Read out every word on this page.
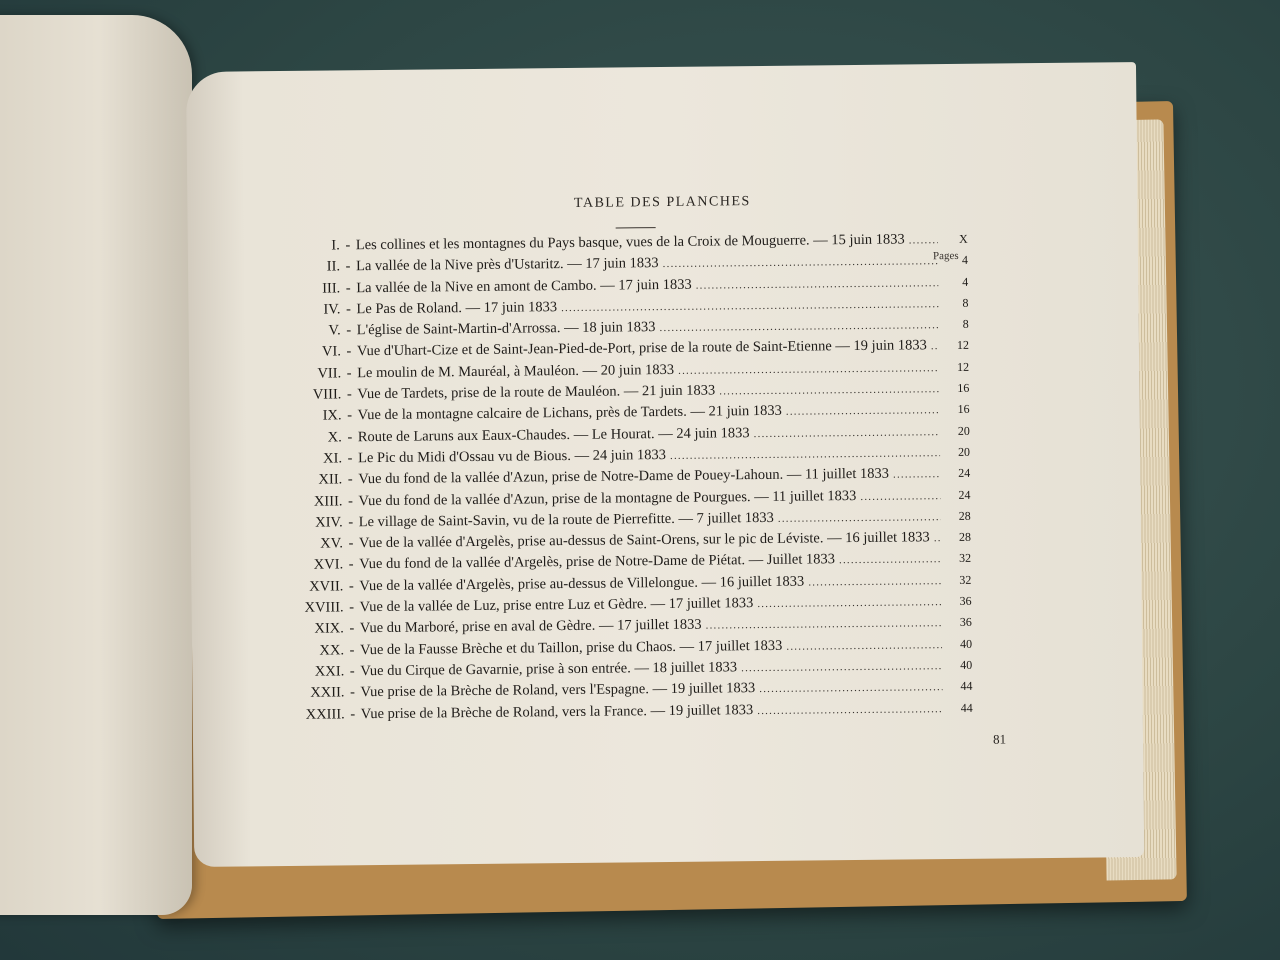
TABLE DES PLANCHES
Pages
I. - Les collines et les montagnes du Pays basque, vues de la Croix de Mouguerre. — 15 juin 1833 .....	X
II. - La vallée de la Nive près d'Ustaritz. — 17 juin 1833 .....	4
III. - La vallée de la Nive en amont de Cambo. — 17 juin 1833 .....	4
IV. - Le Pas de Roland. — 17 juin 1833 .....	8
V. - L'église de Saint-Martin-d'Arrossa. — 18 juin 1833 .....	8
VI. - Vue d'Uhart-Cize et de Saint-Jean-Pied-de-Port, prise de la route de Saint-Etienne — 19 juin 1833 .....	12
VII. - Le moulin de M. Mauréal, à Mauléon. — 20 juin 1833 .....	12
VIII. - Vue de Tardets, prise de la route de Mauléon. — 21 juin 1833 .....	16
IX. - Vue de la montagne calcaire de Lichans, près de Tardets. — 21 juin 1833 .....	16
X. - Route de Laruns aux Eaux-Chaudes. — Le Hourat. — 24 juin 1833 .....	20
XI. - Le Pic du Midi d'Ossau vu de Bious. — 24 juin 1833 .....	20
XII. - Vue du fond de la vallée d'Azun, prise de Notre-Dame de Pouey-Lahoun. — 11 juillet 1833 .....	24
XIII. - Vue du fond de la vallée d'Azun, prise de la montagne de Pourgues. — 11 juillet 1833 .....	24
XIV. - Le village de Saint-Savin, vu de la route de Pierrefitte. — 7 juillet 1833 .....	28
XV. - Vue de la vallée d'Argelès, prise au-dessus de Saint-Orens, sur le pic de Léviste. — 16 juillet 1833 .....	28
XVI. - Vue du fond de la vallée d'Argelès, prise de Notre-Dame de Piétat. — Juillet 1833 .....	32
XVII. - Vue de la vallée d'Argelès, prise au-dessus de Villelongue. — 16 juillet 1833 .....	32
XVIII. - Vue de la vallée de Luz, prise entre Luz et Gèdre. — 17 juillet 1833 .....	36
XIX. - Vue du Marboré, prise en aval de Gèdre. — 17 juillet 1833 .....	36
XX. - Vue de la Fausse Brèche et du Taillon, prise du Chaos. — 17 juillet 1833 .....	40
XXI. - Vue du Cirque de Gavarnie, prise à son entrée. — 18 juillet 1833 .....	40
XXII. - Vue prise de la Brèche de Roland, vers l'Espagne. — 19 juillet 1833 .....	44
XXIII. - Vue prise de la Brèche de Roland, vers la France. — 19 juillet 1833 .....	44
81
